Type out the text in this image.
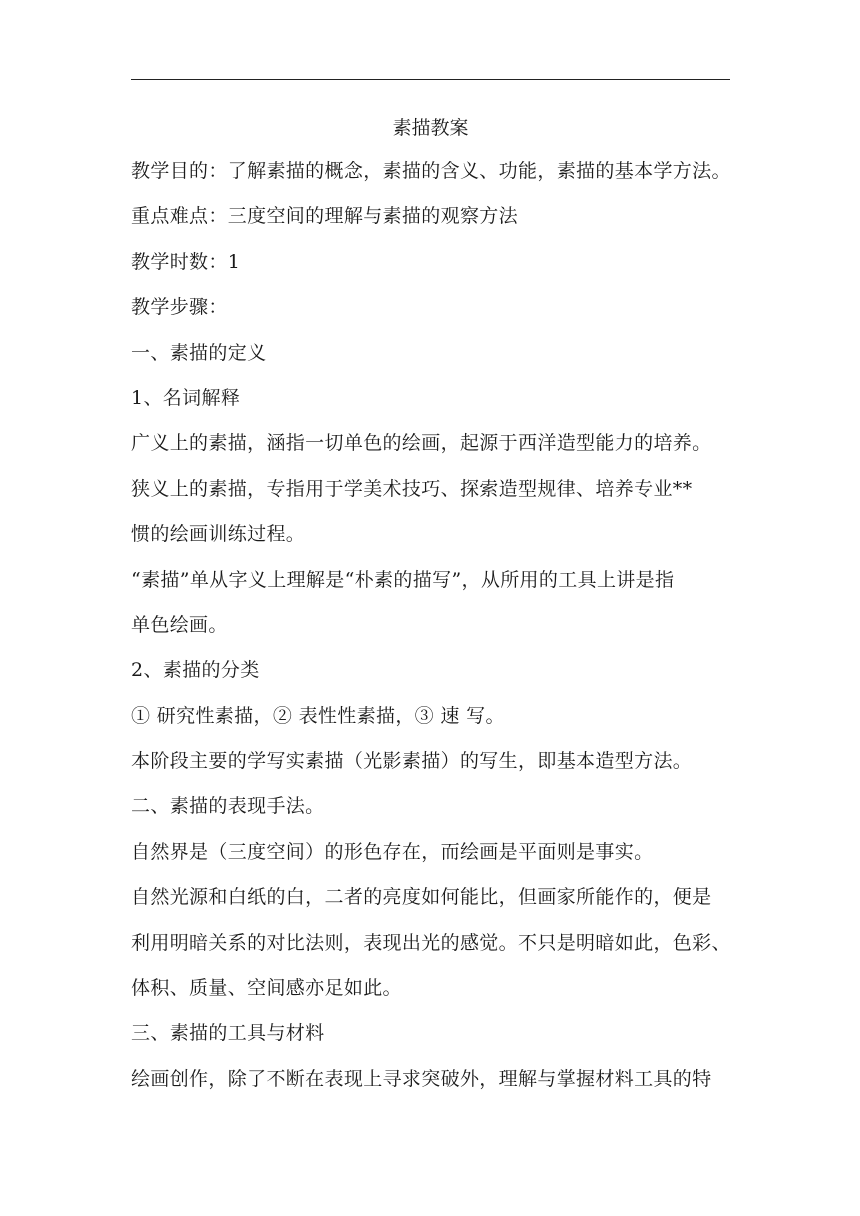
素描教案
教学目的：了解素描的概念，素描的含义、功能，素描的基本学方法。
重点难点：三度空间的理解与素描的观察方法
教学时数：1
教学步骤：
一、素描的定义
1、名词解释
广义上的素描，涵指一切单色的绘画，起源于西洋造型能力的培养。
狭义上的素描，专指用于学美术技巧、探索造型规律、培养专业**
惯的绘画训练过程。
“素描”单从字义上理解是“朴素的描写”，从所用的工具上讲是指
单色绘画。
2、素描的分类
① 研究性素描，② 表性性素描，③ 速 写。
本阶段主要的学写实素描（光影素描）的写生，即基本造型方法。
二、素描的表现手法。
自然界是（三度空间）的形色存在，而绘画是平面则是事实。
自然光源和白纸的白，二者的亮度如何能比，但画家所能作的，便是
利用明暗关系的对比法则，表现出光的感觉。不只是明暗如此，色彩、
体积、质量、空间感亦足如此。
三、素描的工具与材料
绘画创作，除了不断在表现上寻求突破外，理解与掌握材料工具的特
